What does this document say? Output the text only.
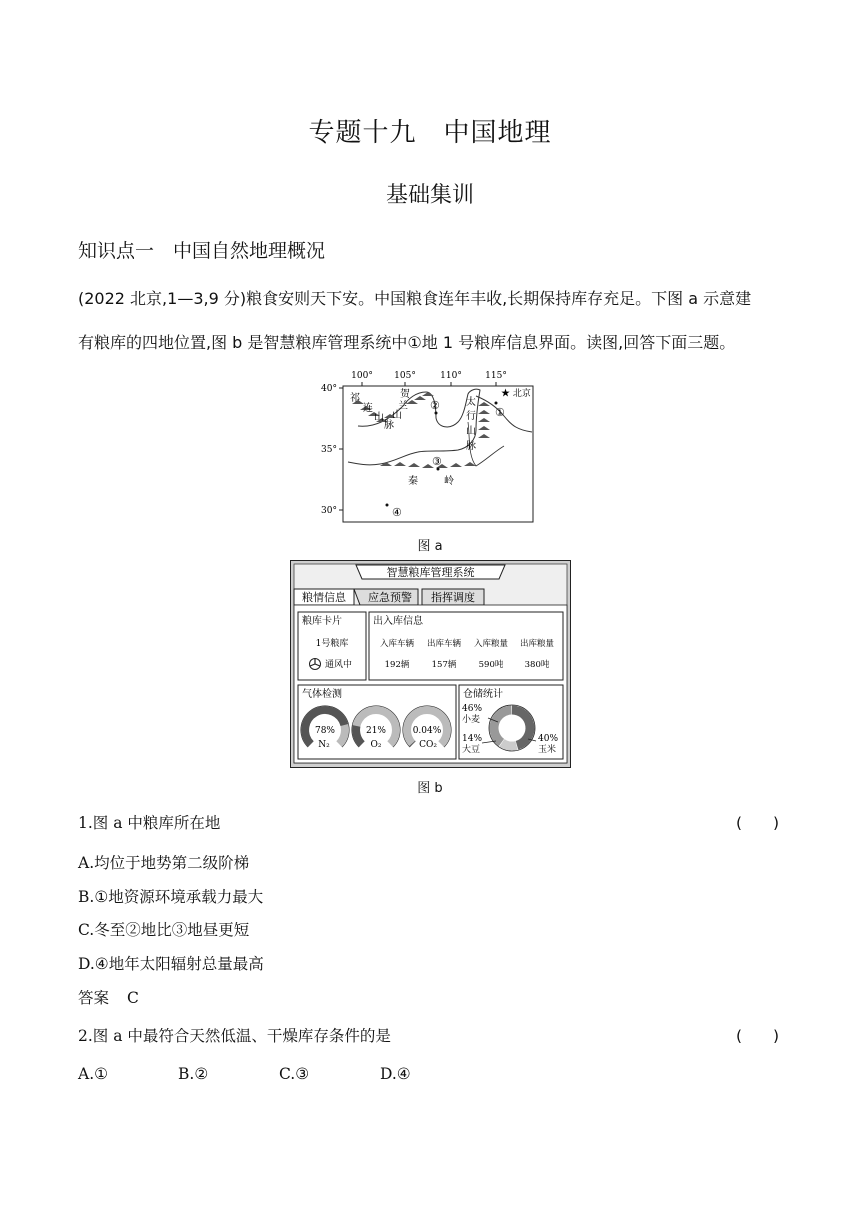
专题十九　中国地理
基础集训
知识点一　中国自然地理概况
(2022 北京,1—3,9 分)粮食安则天下安。中国粮食连年丰收,长期保持库存充足。下图 a 示意建
有粮库的四地位置,图 b 是智慧粮库管理系统中①地 1 号粮库信息界面。读图,回答下面三题。
100° 105°	110°	115°
40°
35°
30°
祁
连
山
脉
贺
兰
山
太
行
山
脉
秦	岭
★ 北京
①
②
③
④
图 a
智慧粮库管理系统
粮情信息 应急预警 指挥调度
粮库卡片
1号粮库
通风中
出入库信息
入库车辆 出库车辆 入库粮量 出库粮量
192辆	157辆	590吨	380吨
气体检测
78%
N₂
21%
O₂
0.04%
CO₂
仓储统计
46%
小麦
14%
大豆
40%
玉米
图 b
1.图 a 中粮库所在地	(　　)
A.均位于地势第二级阶梯
B.①地资源环境承载力最大
C.冬至②地比③地昼更短
D.④地年太阳辐射总量最高
答案 C
2.图 a 中最符合天然低温、干燥库存条件的是	(　　)
A.①	B.②	C.③	D.④
